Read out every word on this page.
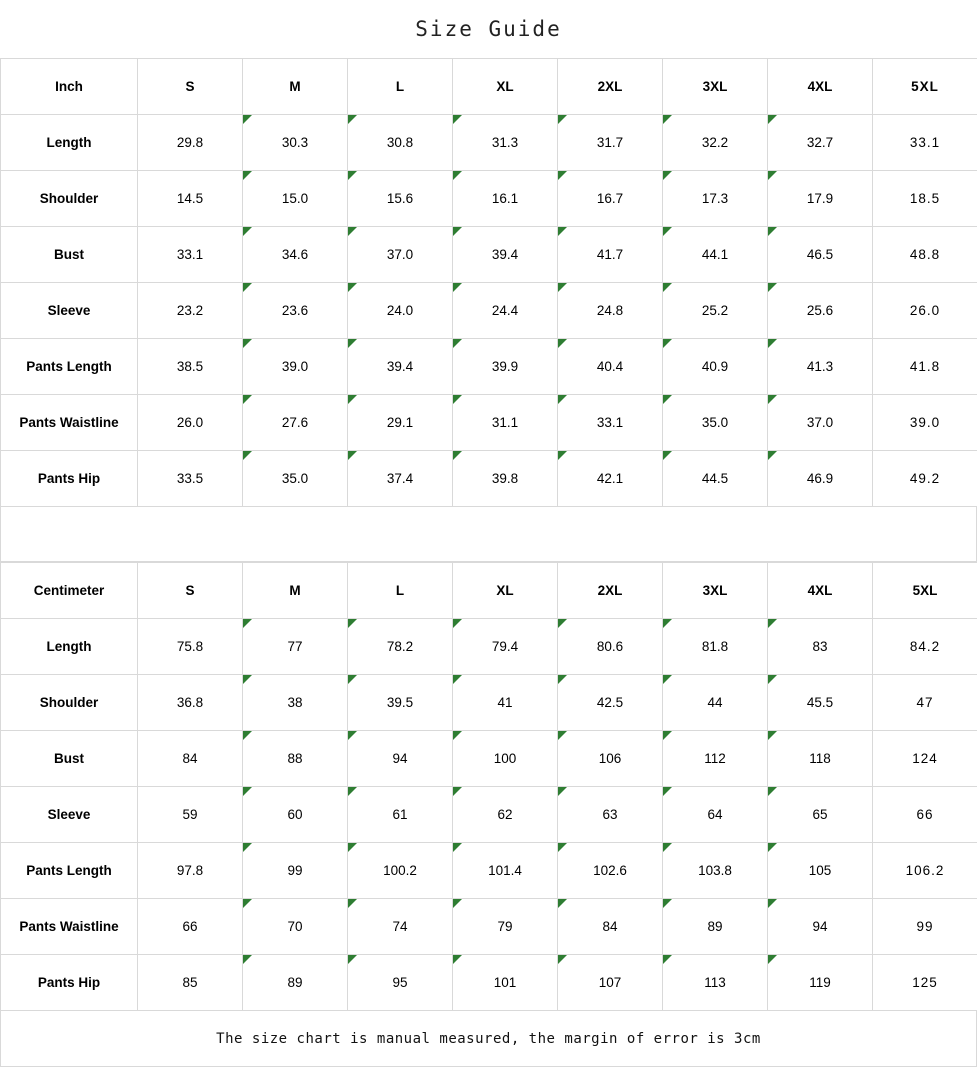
Size Guide
Inch	S	M	L	XL	2XL	3XL	4XL	5XL
Length	29.8	30.3	30.8	31.3	31.7	32.2	32.7	33.1
Shoulder	14.5	15.0	15.6	16.1	16.7	17.3	17.9	18.5
Bust	33.1	34.6	37.0	39.4	41.7	44.1	46.5	48.8
Sleeve	23.2	23.6	24.0	24.4	24.8	25.2	25.6	26.0
Pants Length	38.5	39.0	39.4	39.9	40.4	40.9	41.3	41.8
Pants Waistline	26.0	27.6	29.1	31.1	33.1	35.0	37.0	39.0
Pants Hip	33.5	35.0	37.4	39.8	42.1	44.5	46.9	49.2
Centimeter	S	M	L	XL	2XL	3XL	4XL	5XL
Length	75.8	77	78.2	79.4	80.6	81.8	83	84.2
Shoulder	36.8	38	39.5	41	42.5	44	45.5	47
Bust	84	88	94	100	106	112	118	124
Sleeve	59	60	61	62	63	64	65	66
Pants Length	97.8	99	100.2	101.4	102.6	103.8	105	106.2
Pants Waistline	66	70	74	79	84	89	94	99
Pants Hip	85	89	95	101	107	113	119	125
The size chart is manual measured, the margin of error is 3cm
